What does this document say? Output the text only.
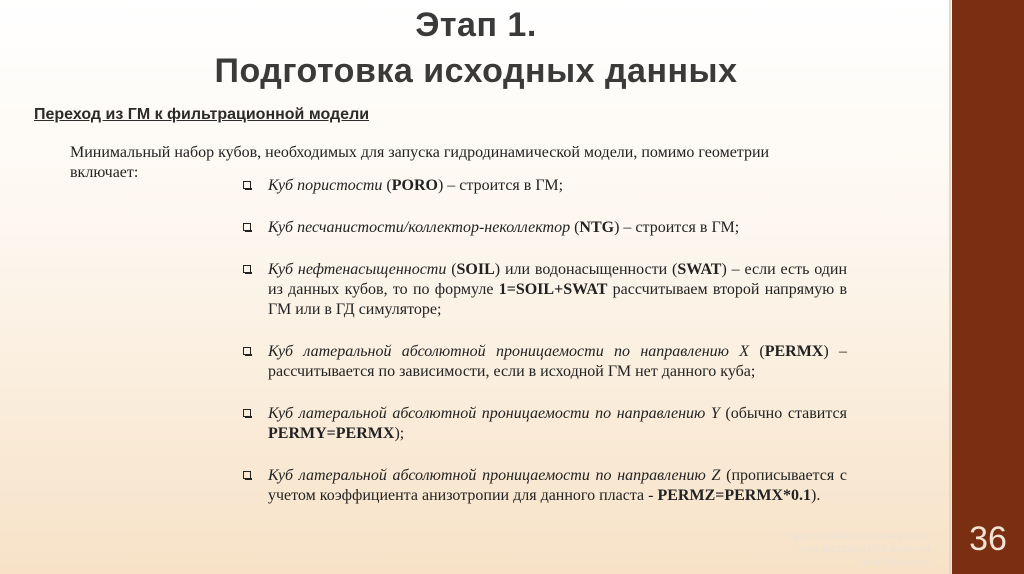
Этап 1.
Подготовка исходных данных
Переход из ГМ к фильтрационной модели
Минимальный набор кубов, необходимых для запуска гидродинамической модели, помимо геометрии включает:
Куб пористости (PORO) – строится в ГМ;
Куб песчанистости/коллектор-неколлектор (NTG) – строится в ГМ;
Куб нефтенасыщенности (SOIL) или водонасыщенности (SWAT) – если есть один из данных кубов, то по формуле 1=SOIL+SWAT рассчитываем второй напрямую в ГМ или в ГД симуляторе;
Куб латеральной абсолютной проницаемости по направлению X (PERMX) – рассчитывается по зависимости, если в исходной ГМ нет данного куба;
Куб латеральной абсолютной проницаемости по направлению Y (обычно ставится PERMY=PERMX);
Куб латеральной абсолютной проницаемости по направлению Z (прописывается с учетом коэффициента анизотропии для данного пласта - PERMZ=PERMX*0.1).
Пуртова Инна Петровна к.т.н.
тел. 8(912)9244778 эл.почта
inna10@inbox.ru
36
